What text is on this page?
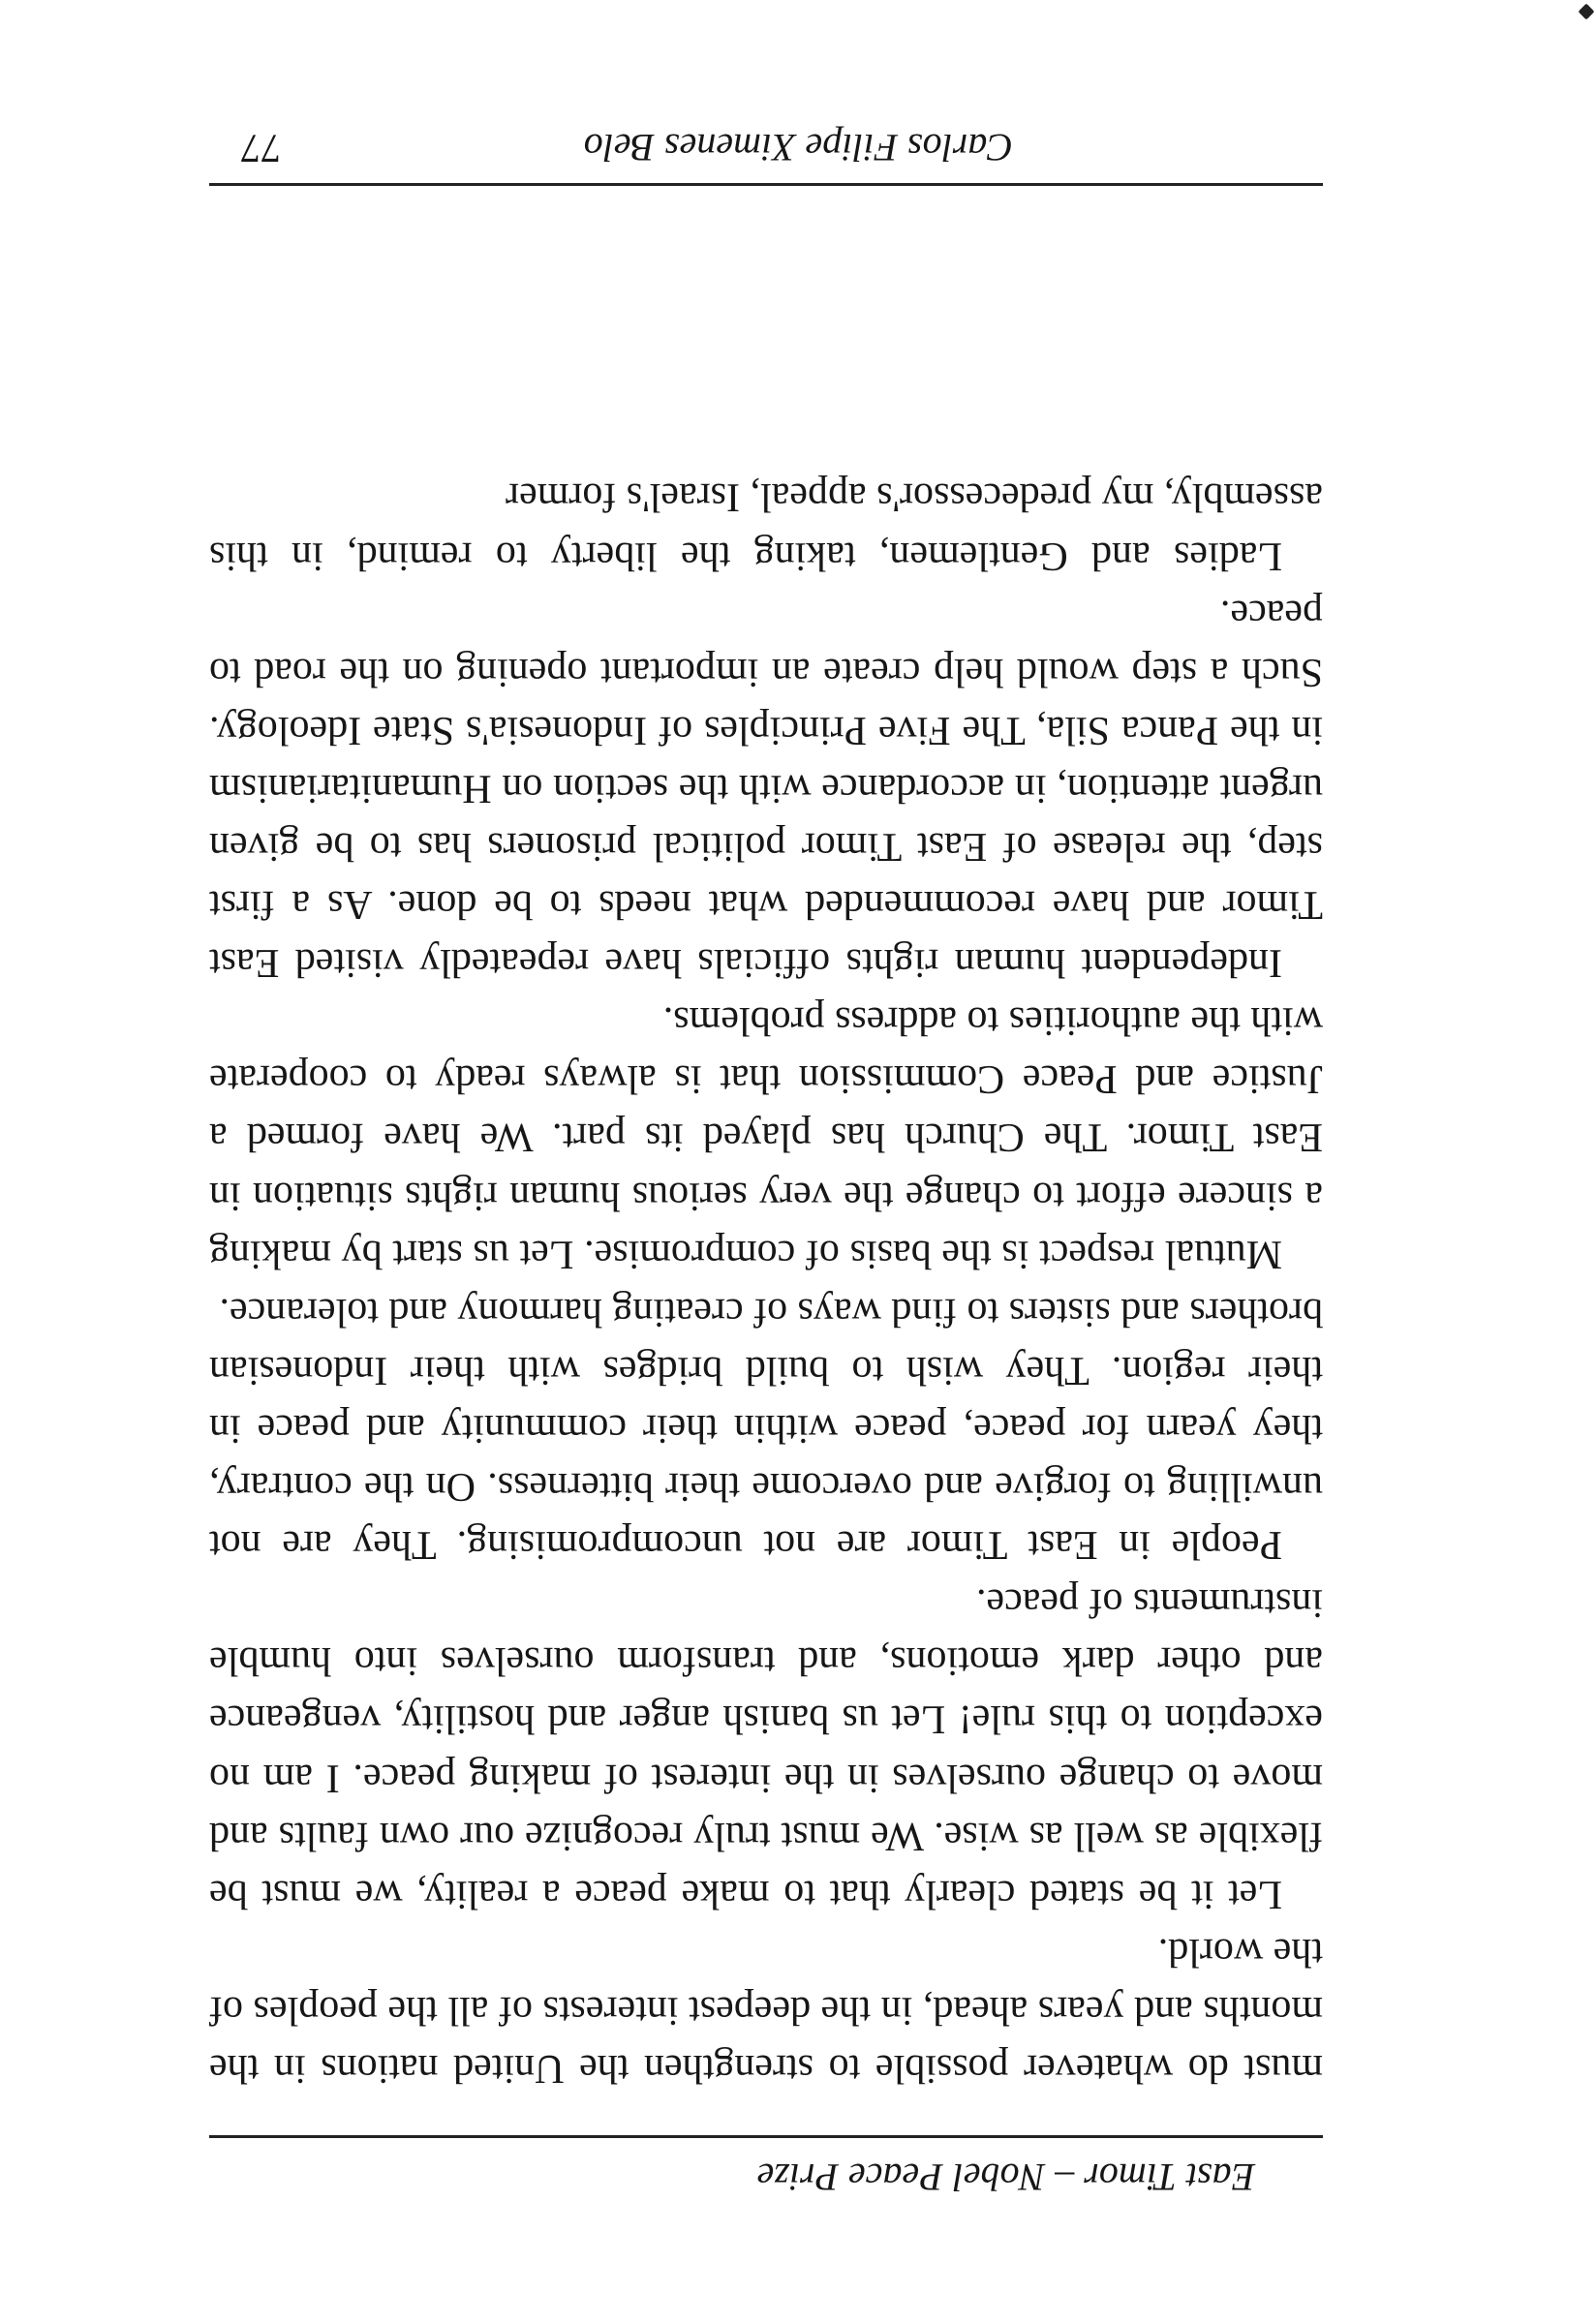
East Timor – Nobel Peace Prize

must do whatever possible to strengthen the United nations in the months and years ahead, in the deepest interests of all the peoples of the world.

Let it be stated clearly that to make peace a reality, we must be flexible as well as wise. We must truly recognize our own faults and move to change ourselves in the interest of making peace. I am no exception to this rule! Let us banish anger and hostility, vengeance and other dark emotions, and transform ourselves into humble instruments of peace.

People in East Timor are not uncompromising. They are not unwilling to forgive and overcome their bitterness. On the contrary, they yearn for peace, peace within their community and peace in their region. They wish to build bridges with their Indonesian brothers and sisters to find ways of creating harmony and tolerance.

Mutual respect is the basis of compromise. Let us start by making a sincere effort to change the very serious human rights situation in East Timor. The Church has played its part. We have formed a Justice and Peace Commission that is always ready to cooperate with the authorities to address problems.

Independent human rights officials have repeatedly visited East Timor and have recommended what needs to be done. As a first step, the release of East Timor political prisoners has to be given urgent attention, in accordance with the section on Humanitarianism in the Panca Sila, The Five Principles of Indonesia's State Ideology. Such a step would help create an important opening on the road to peace.

Ladies and Gentlemen, taking the liberty to remind, in this assembly, my predecessor's appeal, Israel's former

Carlos Filipe Ximenes Belo
77
